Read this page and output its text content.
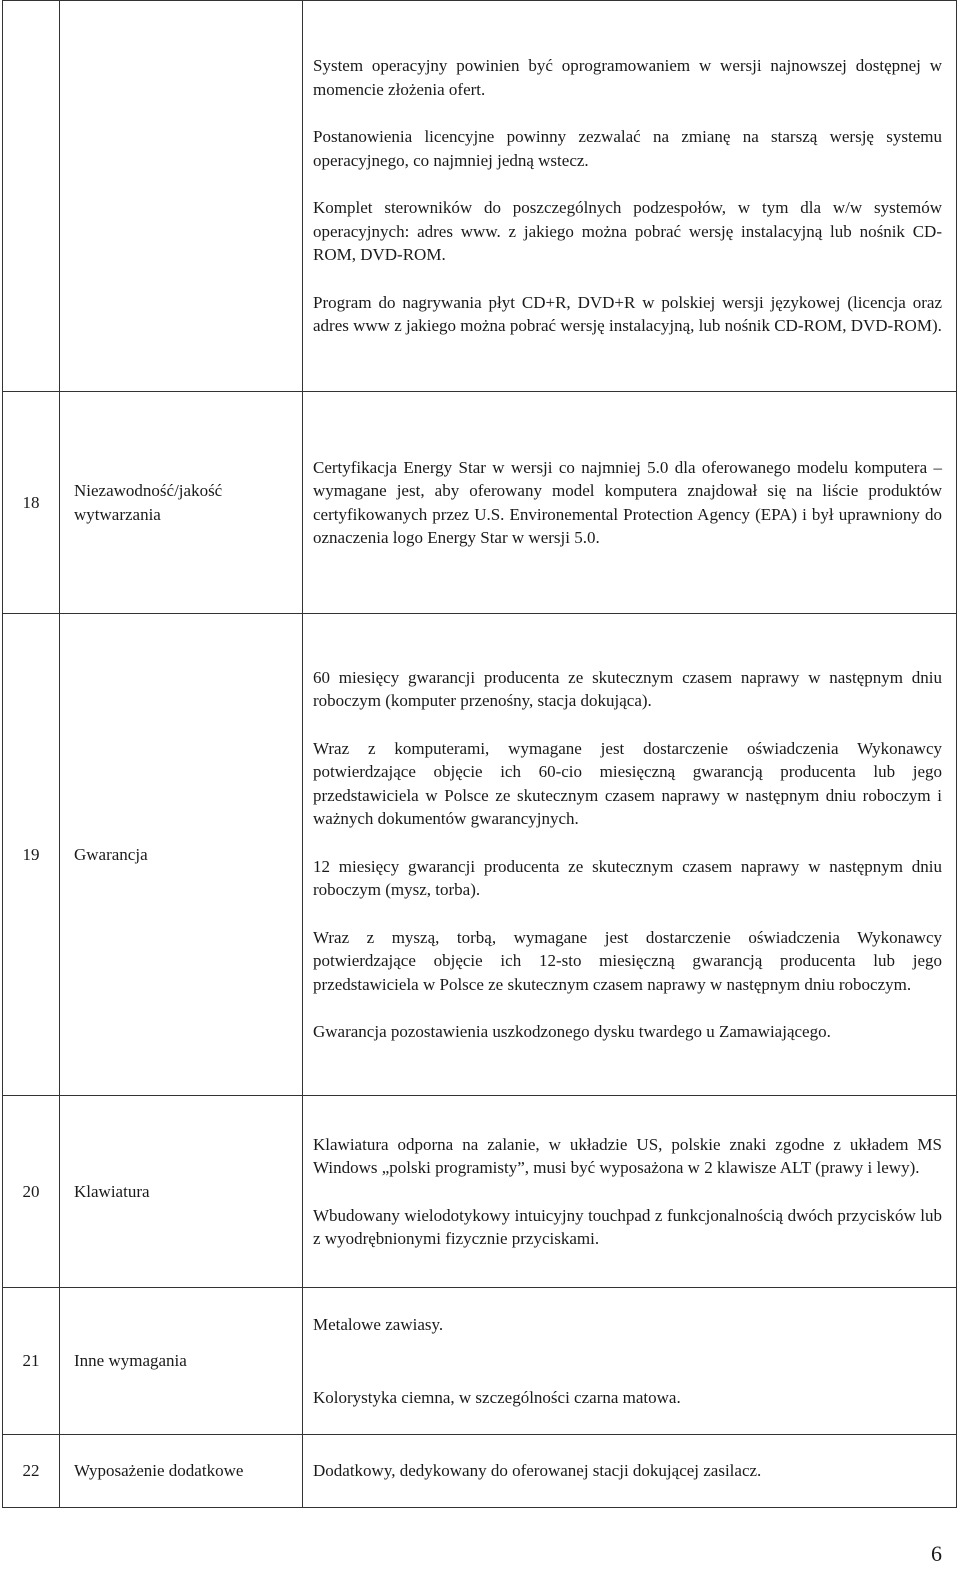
		System operacyjny powinien być oprogramowaniem w wersji najnowszej dostępnej w momencie złożenia ofert.

Postanowienia licencyjne powinny zezwalać na zmianę na starszą wersję systemu operacyjnego, co najmniej jedną wstecz.

Komplet sterowników do poszczególnych podzespołów, w tym dla w/w systemów operacyjnych: adres www. z jakiego można pobrać wersję instalacyjną lub nośnik CD-ROM, DVD-ROM.

Program do nagrywania płyt CD+R, DVD+R w polskiej wersji językowej (licencja oraz adres www z jakiego można pobrać wersję instalacyjną, lub nośnik CD-ROM, DVD-ROM).

18	Niezawodność/jakość wytwarzania	Certyfikacja Energy Star w wersji co najmniej 5.0 dla oferowanego modelu komputera – wymagane jest, aby oferowany model komputera znajdował się na liście produktów certyfikowanych przez U.S. Environemental Protection Agency (EPA) i był uprawniony do oznaczenia logo Energy Star w wersji 5.0.

19	Gwarancja	60 miesięcy gwarancji producenta ze skutecznym czasem naprawy w następnym dniu roboczym (komputer przenośny, stacja dokująca).

Wraz z komputerami, wymagane jest dostarczenie oświadczenia Wykonawcy potwierdzające objęcie ich 60-cio miesięczną gwarancją producenta lub jego przedstawiciela w Polsce ze skutecznym czasem naprawy w następnym dniu roboczym i ważnych dokumentów gwarancyjnych.

12 miesięcy gwarancji producenta ze skutecznym czasem naprawy w następnym dniu roboczym (mysz, torba).

Wraz z myszą, torbą, wymagane jest dostarczenie oświadczenia Wykonawcy potwierdzające objęcie ich 12-sto miesięczną gwarancją producenta lub jego przedstawiciela w Polsce ze skutecznym czasem naprawy w następnym dniu roboczym.

Gwarancja pozostawienia uszkodzonego dysku twardego u Zamawiającego.

20	Klawiatura	Klawiatura odporna na zalanie, w układzie US, polskie znaki zgodne z układem MS Windows „polski programisty”, musi być wyposażona w 2 klawisze ALT (prawy i lewy).

Wbudowany wielodotykowy intuicyjny touchpad z funkcjonalnością dwóch przycisków lub z wyodrębnionymi fizycznie przyciskami.

21	Inne wymagania	Metalowe zawiasy.

Kolorystyka ciemna, w szczególności czarna matowa.

22	Wyposażenie dodatkowe	Dodatkowy, dedykowany do oferowanej stacji dokującej zasilacz.

6
